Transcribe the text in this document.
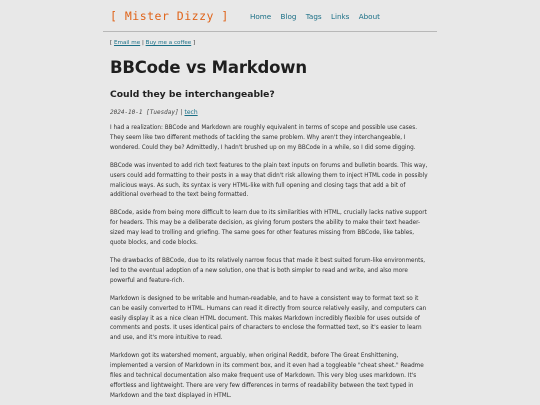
[ Mister Dizzy ]	Home Blog Tags Links About
[ Email me | Buy me a coffee ]
BBCode vs Markdown
Could they be interchangeable?
2024-10-1 [Tuesday] | tech

I had a realization: BBCode and Markdown are roughly equivalent in terms of scope and possible use cases. They seem like two different methods of tackling the same problem. Why aren't they interchangeable, I wondered. Could they be? Admittedly, I hadn't brushed up on my BBCode in a while, so I did some digging.

BBCode was invented to add rich text features to the plain text inputs on forums and bulletin boards. This way, users could add formatting to their posts in a way that didn't risk allowing them to inject HTML code in possibly malicious ways. As such, its syntax is very HTML-like with full opening and closing tags that add a bit of additional overhead to the text being formatted.

BBCode, aside from being more difficult to learn due to its similarities with HTML, crucially lacks native support for headers. This may be a deliberate decision, as giving forum posters the ability to make their text header-sized may lead to trolling and griefing. The same goes for other features missing from BBCode, like tables, quote blocks, and code blocks.

The drawbacks of BBCode, due to its relatively narrow focus that made it best suited forum-like environments, led to the eventual adoption of a new solution, one that is both simpler to read and write, and also more powerful and feature-rich.

Markdown is designed to be writable and human-readable, and to have a consistent way to format text so it can be easily converted to HTML. Humans can read it directly from source relatively easily, and computers can easily display it as a nice clean HTML document. This makes Markdown incredibly flexible for uses outside of comments and posts. It uses identical pairs of characters to enclose the formatted text, so it's easier to learn and use, and it's more intuitive to read.

Markdown got its watershed moment, arguably, when original Reddit, before The Great Enshittening, implemented a version of Markdown in its comment box, and it even had a toggleable "cheat sheet." Readme files and technical documentation also make frequent use of Markdown. This very blog uses markdown. It's effortless and lightweight. There are very few differences in terms of readability between the text typed in Markdown and the text displayed in HTML.
